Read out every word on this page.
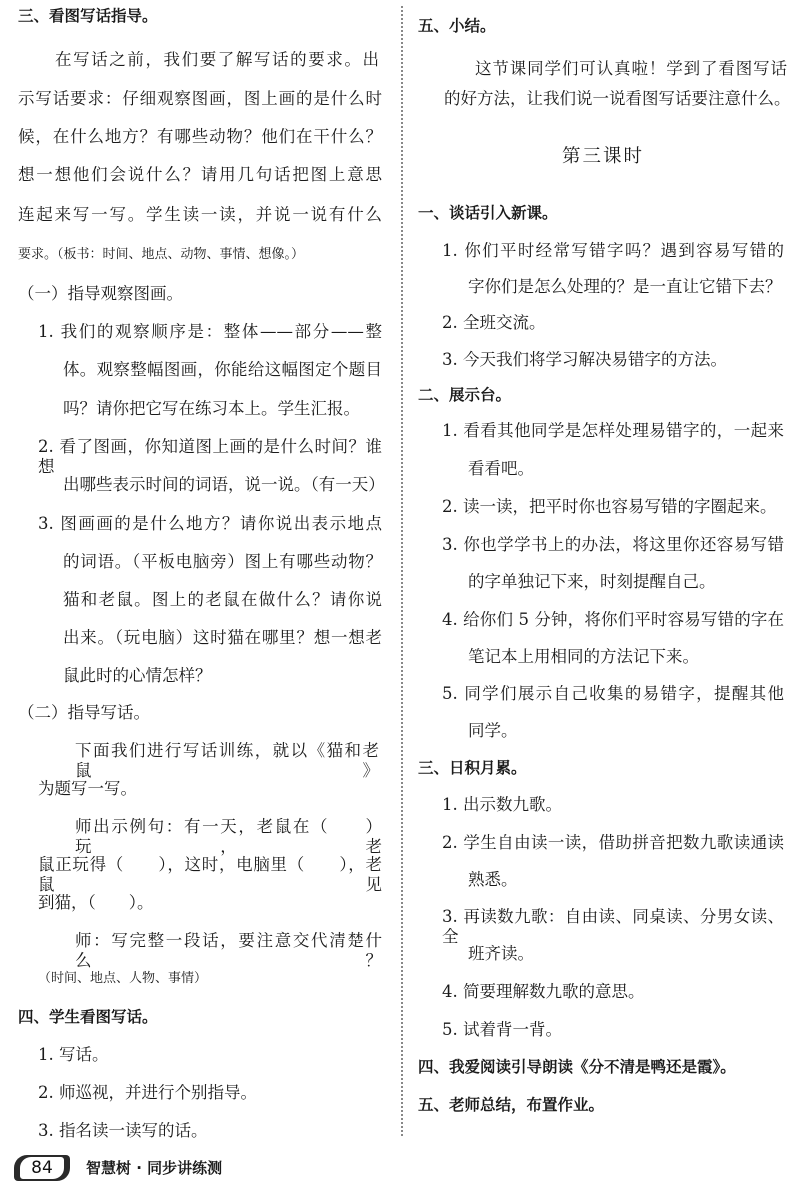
三、看图写话指导。
在写话之前，我们要了解写话的要求。出
示写话要求：仔细观察图画，图上画的是什么时
候，在什么地方？有哪些动物？他们在干什么？
想一想他们会说什么？请用几句话把图上意思
连起来写一写。学生读一读，并说一说有什么
要求。（板书：时间、地点、动物、事情、想像。）
（一）指导观察图画。
1. 我们的观察顺序是：整体——部分——整
体。观察整幅图画，你能给这幅图定个题目
吗？请你把它写在练习本上。学生汇报。
2. 看了图画，你知道图上画的是什么时间？谁想
出哪些表示时间的词语，说一说。（有一天）
3. 图画画的是什么地方？请你说出表示地点
的词语。（平板电脑旁）图上有哪些动物？
猫和老鼠。图上的老鼠在做什么？请你说
出来。（玩电脑）这时猫在哪里？想一想老
鼠此时的心情怎样？
（二）指导写话。
下面我们进行写话训练，就以《猫和老鼠》
为题写一写。
师出示例句：有一天，老鼠在（　　）玩，老
鼠正玩得（　　），这时，电脑里（　　），老鼠见
到猫，（　　）。
师：写完整一段话，要注意交代清楚什么？
（时间、地点、人物、事情）
四、学生看图写话。
1. 写话。
2. 师巡视，并进行个别指导。
3. 指名读一读写的话。
五、小结。
这节课同学们可认真啦！学到了看图写话
的好方法，让我们说一说看图写话要注意什么。
一、谈话引入新课。
1. 你们平时经常写错字吗？遇到容易写错的
字你们是怎么处理的？是一直让它错下去？
2. 全班交流。
3. 今天我们将学习解决易错字的方法。
二、展示台。
1. 看看其他同学是怎样处理易错字的，一起来
看看吧。
2. 读一读，把平时你也容易写错的字圈起来。
3. 你也学学书上的办法，将这里你还容易写错
的字单独记下来，时刻提醒自己。
4. 给你们 5 分钟，将你们平时容易写错的字在
笔记本上用相同的方法记下来。
5. 同学们展示自己收集的易错字，提醒其他
同学。
三、日积月累。
1. 出示数九歌。
2. 学生自由读一读，借助拼音把数九歌读通读
熟悉。
3. 再读数九歌：自由读、同桌读、分男女读、全
班齐读。
4. 简要理解数九歌的意思。
5. 试着背一背。
四、我爱阅读引导朗读《分不清是鸭还是霞》。
五、老师总结，布置作业。
第三课时
84	智慧树 · 同步讲练测
